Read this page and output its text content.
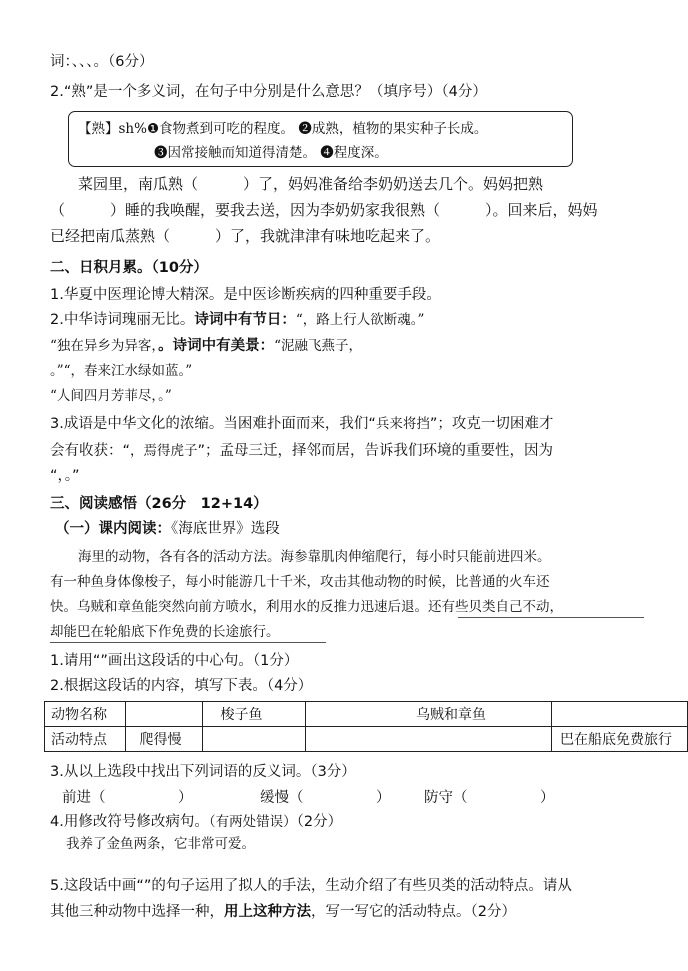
词：、、、。（6分）
2.“熟”是一个多义词，在句子中分别是什么意思？（填序号）（4分）
【熟】sh%❶食物煮到可吃的程度。 ❷成熟，植物的果实种子长成。
❸因常接触而知道得清楚。 ❹程度深。
菜园里，南瓜熟（　　　）了，妈妈准备给李奶奶送去几个。妈妈把熟
（　　　）睡的我唤醒，要我去送，因为李奶奶家我很熟（　　　）。回来后，妈妈
已经把南瓜蒸熟（　　　）了，我就津津有味地吃起来了。
二、日积月累。（10分）
1.华夏中医理论博大精深。是中医诊断疾病的四种重要手段。
2.中华诗词瑰丽无比。诗词中有节日：“，路上行人欲断魂。”
“独在异乡为异客，。诗词中有美景：“泥融飞燕子，
。”“，春来江水绿如蓝。”
“人间四月芳菲尽，。”
3.成语是中华文化的浓缩。当困难扑面而来，我们“兵来将挡”；攻克一切困难才
会有收获：“，焉得虎子”；孟母三迁，择邻而居，告诉我们环境的重要性，因为
“，。”
三、阅读感悟（26分　12+14）
（一）课内阅读：《海底世界》选段
海里的动物，各有各的活动方法。海参靠肌肉伸缩爬行，每小时只能前进四米。
有一种鱼身体像梭子，每小时能游几十千米，攻击其他动物的时候，比普通的火车还
快。乌贼和章鱼能突然向前方喷水，利用水的反推力迅速后退。还有些贝类自己不动，
却能巴在轮船底下作免费的长途旅行。
1.请用“”画出这段话的中心句。（1分）
2.根据这段话的内容，填写下表。（4分）
动物名称		梭子鱼	乌贼和章鱼	
活动特点	爬得慢			巴在船底免费旅行
3.从以上选段中找出下列词语的反义词。（3分）
前进（　　　　　）	缓慢（　　　　　） 防守（　　　　　）
4.用修改符号修改病句。（有两处错误）（2分）
我养了金鱼两条，它非常可爱。
5.这段话中画“”的句子运用了拟人的手法，生动介绍了有些贝类的活动特点。请从
其他三种动物中选择一种，用上这种方法，写一写它的活动特点。（2分）
